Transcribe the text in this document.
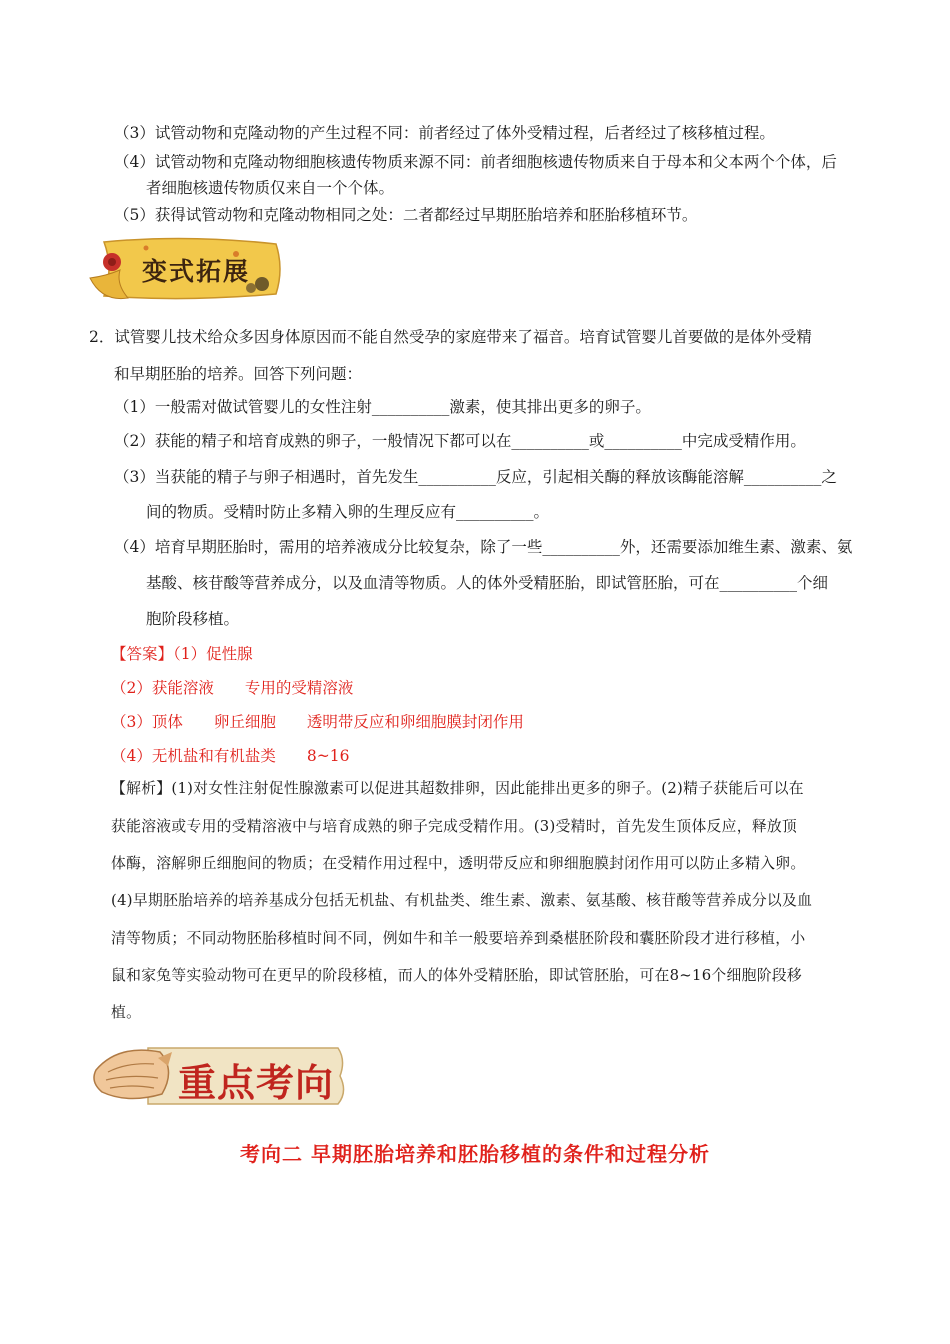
（3）试管动物和克隆动物的产生过程不同：前者经过了体外受精过程，后者经过了核移植过程。
（4）试管动物和克隆动物细胞核遗传物质来源不同：前者细胞核遗传物质来自于母本和父本两个个体，后
者细胞核遗传物质仅来自一个个体。
（5）获得试管动物和克隆动物相同之处：二者都经过早期胚胎培养和胚胎移植环节。
变式拓展
2．试管婴儿技术给众多因身体原因而不能自然受孕的家庭带来了福音。培育试管婴儿首要做的是体外受精
和早期胚胎的培养。回答下列问题：
（1）一般需对做试管婴儿的女性注射__________激素，使其排出更多的卵子。
（2）获能的精子和培育成熟的卵子，一般情况下都可以在__________或__________中完成受精作用。
（3）当获能的精子与卵子相遇时，首先发生__________反应，引起相关酶的释放该酶能溶解__________之
间的物质。受精时防止多精入卵的生理反应有__________。
（4）培育早期胚胎时，需用的培养液成分比较复杂，除了一些__________外，还需要添加维生素、激素、氨
基酸、核苷酸等营养成分，以及血清等物质。人的体外受精胚胎，即试管胚胎，可在__________个细
胞阶段移植。
【答案】（1）促性腺
（2）获能溶液　　专用的受精溶液
（3）顶体　　卵丘细胞　　透明带反应和卵细胞膜封闭作用
（4）无机盐和有机盐类　　8~16
【解析】(1)对女性注射促性腺激素可以促进其超数排卵，因此能排出更多的卵子。(2)精子获能后可以在
获能溶液或专用的受精溶液中与培育成熟的卵子完成受精作用。(3)受精时，首先发生顶体反应，释放顶
体酶，溶解卵丘细胞间的物质；在受精作用过程中，透明带反应和卵细胞膜封闭作用可以防止多精入卵。
(4)早期胚胎培养的培养基成分包括无机盐、有机盐类、维生素、激素、氨基酸、核苷酸等营养成分以及血
清等物质；不同动物胚胎移植时间不同，例如牛和羊一般要培养到桑椹胚阶段和囊胚阶段才进行移植，小
鼠和家兔等实验动物可在更早的阶段移植，而人的体外受精胚胎，即试管胚胎，可在8~16个细胞阶段移
植。
重点考向
考向二 早期胚胎培养和胚胎移植的条件和过程分析
